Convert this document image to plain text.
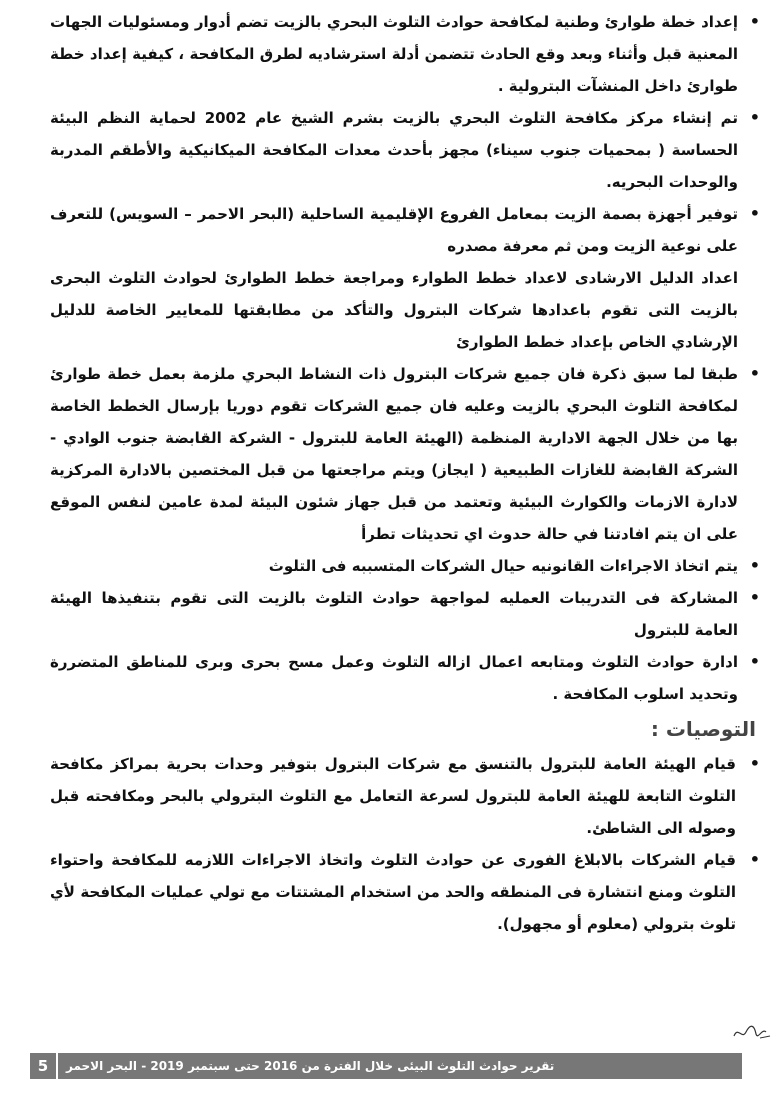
• إعداد خطة طوارئ وطنية لمكافحة حوادث التلوث البحري بالزيت تضم أدوار ومسئوليات الجهات المعنية قبل وأثناء وبعد وقع الحادث تتضمن أدلة استرشاديه لطرق المكافحة ، كيفية إعداد خطة طوارئ داخل المنشآت البترولية .
• تم إنشاء مركز مكافحة التلوث البحري بالزيت بشرم الشيخ عام 2002 لحماية النظم البيئة الحساسة ( بمحميات جنوب سيناء) مجهز بأحدث معدات المكافحة الميكانيكية والأطقم المدربة والوحدات البحريه.
• توفير أجهزة بصمة الزيت بمعامل الفروع الإقليمية الساحلية (البحر الاحمر – السويس) للتعرف على نوعية الزيت ومن ثم معرفة مصدره
اعداد الدليل الارشادى لاعداد خطط الطوارء ومراجعة خطط الطوارئ لحوادث التلوث البحرى بالزيت التى تقوم باعدادها شركات البترول والتأكد من مطابقتها للمعايير الخاصة للدليل الإرشادي الخاص بإعداد خطط الطوارئ
• طبقا لما سبق ذكرة فان جميع شركات البترول ذات النشاط البحري ملزمة بعمل خطة طوارئ لمكافحة التلوث البحري بالزيت وعليه فان جميع الشركات تقوم دوريا بإرسال الخطط الخاصة بها من خلال الجهة الادارية المنظمة (الهيئة العامة للبترول - الشركة القابضة جنوب الوادي - الشركة القابضة للغازات الطبيعية ( ايجاز) ويتم مراجعتها من قبل المختصين بالادارة المركزية لادارة الازمات والكوارث البيئية وتعتمد من قبل جهاز شئون البيئة لمدة عامين لنفس الموقع على ان يتم افادتنا في حالة حدوث اي تحديثات تطرأ
• يتم اتخاذ الاجراءات القانونيه حيال الشركات المتسببه فى التلوث
• المشاركة فى التدريبات العمليه لمواجهة حوادث التلوث بالزيت التى تقوم بتنفيذها الهيئة العامة للبترول
• ادارة حوادث التلوث ومتابعه اعمال ازاله التلوث وعمل مسح بحرى وبرى للمناطق المتضررة وتحديد اسلوب المكافحة .
التوصيات :
• قيام الهيئة العامة للبترول بالتنسق مع شركات البترول بتوفير وحدات بحرية بمراكز مكافحة التلوث التابعة للهيئة العامة للبترول لسرعة التعامل مع التلوث البترولي بالبحر ومكافحته قبل وصوله الى الشاطئ.
• قيام الشركات بالابلاغ الفورى عن حوادث التلوث واتخاذ الاجراءات اللازمه للمكافحة واحتواء التلوث ومنع انتشارة فى المنطقه والحد من استخدام المشتتات مع تولي عمليات المكافحة لأي تلوث بترولي (معلوم أو مجهول).
5	تقرير حوادث التلوث البيئى خلال الفترة من 2016 حتى سبتمبر 2019 - البحر الاحمر
